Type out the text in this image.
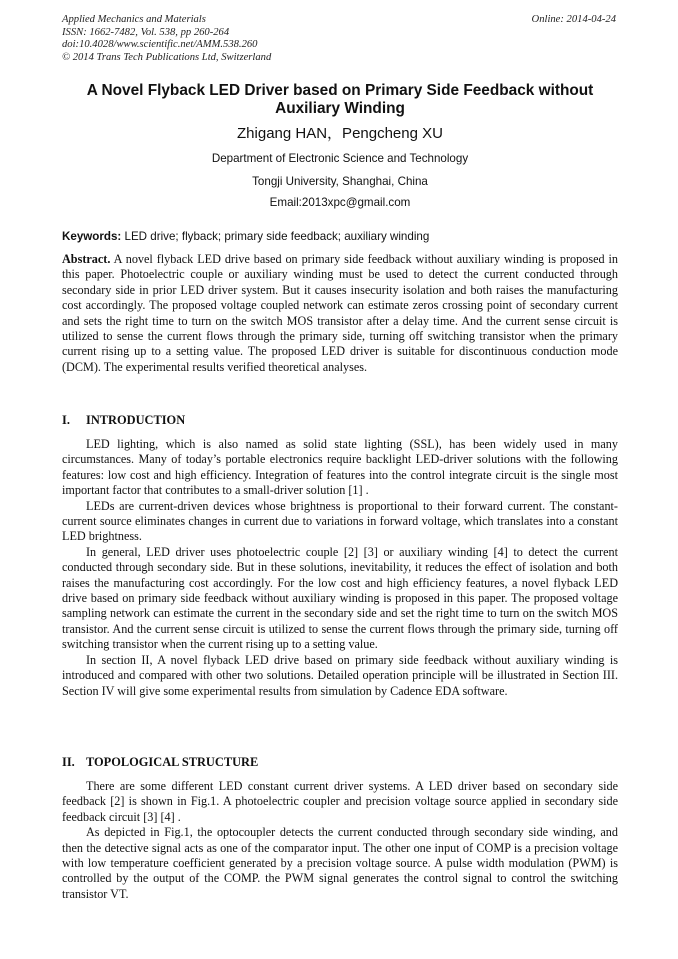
Applied Mechanics and Materials
ISSN: 1662-7482, Vol. 538, pp 260-264
doi:10.4028/www.scientific.net/AMM.538.260
© 2014 Trans Tech Publications Ltd, Switzerland
Online: 2014-04-24
A Novel Flyback LED Driver based on Primary Side Feedback without Auxiliary Winding
Zhigang HAN，Pengcheng XU
Department of Electronic Science and Technology
Tongji University, Shanghai, China
Email:2013xpc@gmail.com
Keywords: LED drive; flyback; primary side feedback; auxiliary winding

Abstract. A novel flyback LED drive based on primary side feedback without auxiliary winding is proposed in this paper. Photoelectric couple or auxiliary winding must be used to detect the current conducted through secondary side in prior LED driver system. But it causes insecurity isolation and both raises the manufacturing cost accordingly. The proposed voltage coupled network can estimate zeros crossing point of secondary current and sets the right time to turn on the switch MOS transistor after a delay time. And the current sense circuit is utilized to sense the current flows through the primary side, turning off switching transistor when the primary current rising up to a setting value. The proposed LED driver is suitable for discontinuous conduction mode (DCM). The experimental results verified theoretical analyses.

I. INTRODUCTION

LED lighting, which is also named as solid state lighting (SSL), has been widely used in many circumstances. Many of today’s portable electronics require backlight LED-driver solutions with the following features: low cost and high efficiency. Integration of features into the control integrate circuit is the single most important factor that contributes to a small-driver solution [1] .

LEDs are current-driven devices whose brightness is proportional to their forward current. The constant-current source eliminates changes in current due to variations in forward voltage, which translates into a constant LED brightness.

In general, LED driver uses photoelectric couple [2] [3] or auxiliary winding [4] to detect the current conducted through secondary side. But in these solutions, inevitability, it reduces the effect of isolation and both raises the manufacturing cost accordingly. For the low cost and high efficiency features, a novel flyback LED drive based on primary side feedback without auxiliary winding is proposed in this paper. The proposed voltage sampling network can estimate the current in the secondary side and set the right time to turn on the switch MOS transistor. And the current sense circuit is utilized to sense the current flows through the primary side, turning off switching transistor when the current rising up to a setting value.

In section II, A novel flyback LED drive based on primary side feedback without auxiliary winding is introduced and compared with other two solutions. Detailed operation principle will be illustrated in Section III. Section IV will give some experimental results from simulation by Cadence EDA software.

II. TOPOLOGICAL STRUCTURE

There are some different LED constant current driver systems. A LED driver based on secondary side feedback [2] is shown in Fig.1. A photoelectric coupler and precision voltage source applied in secondary side feedback circuit [3] [4] .

As depicted in Fig.1, the optocoupler detects the current conducted through secondary side winding, and then the detective signal acts as one of the comparator input. The other one input of COMP is a precision voltage with low temperature coefficient generated by a precision voltage source. A pulse width modulation (PWM) is controlled by the output of the COMP. the PWM signal generates the control signal to control the switching transistor VT.
